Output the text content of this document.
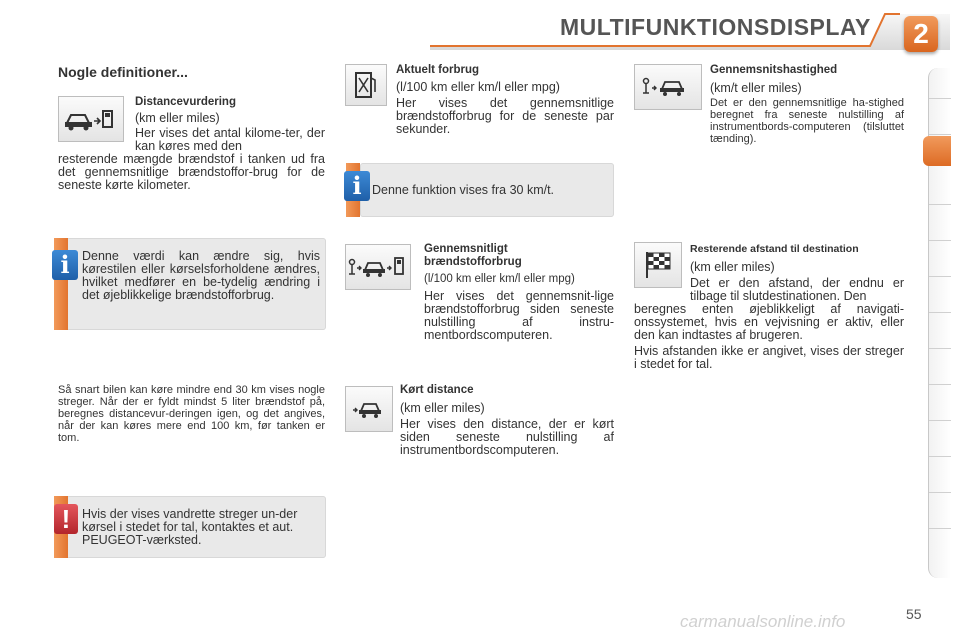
MULTIFUNKTIONSDISPLAY	2
Nogle definitioner...
Distancevurdering
(km eller miles)
Her vises det antal kilome-ter, der kan køres med den
resterende mængde brændstof i tanken ud fra det gennemsnitlige brændstoffor-brug for de seneste kørte kilometer.
i Denne værdi kan ændre sig, hvis kørestilen eller kørselsforholdene ændres, hvilket medfører en be-tydelig ændring i det øjeblikkelige brændstofforbrug.
Så snart bilen kan køre mindre end 30 km vises nogle streger. Når der er fyldt mindst 5 liter brændstof på, beregnes distancevur-deringen igen, og det angives, når der kan køres mere end 100 km, før tanken er tom.
! Hvis der vises vandrette streger un-der kørsel i stedet for tal, kontaktes et aut. PEUGEOT-værksted.
Aktuelt forbrug
(l/100 km eller km/l eller mpg)
Her vises det gennemsnitlige brændstofforbrug for de seneste par sekunder.
i Denne funktion vises fra 30 km/t.
Gennemsnitligt brændstofforbrug
(l/100 km eller km/l eller mpg)
Her vises det gennemsnit-lige brændstofforbrug siden seneste nulstilling af instru-mentbordscomputeren.
Kørt distance
(km eller miles)
Her vises den distance, der er kørt siden seneste nulstilling af instrumentbordscomputeren.
Gennemsnitshastighed
(km/t eller miles)
Det er den gennemsnitlige ha-stighed beregnet fra seneste nulstilling af instrumentbords-computeren (tilsluttet tænding).
Resterende afstand til destination
(km eller miles)
Det er den afstand, der endnu er tilbage til slutdestinationen. Den
beregnes enten øjeblikkeligt af navigati-onssystemet, hvis en vejvisning er aktiv, eller den kan indtastes af brugeren.
Hvis afstanden ikke er angivet, vises der streger i stedet for tal.
55
carmanualsonline.info
